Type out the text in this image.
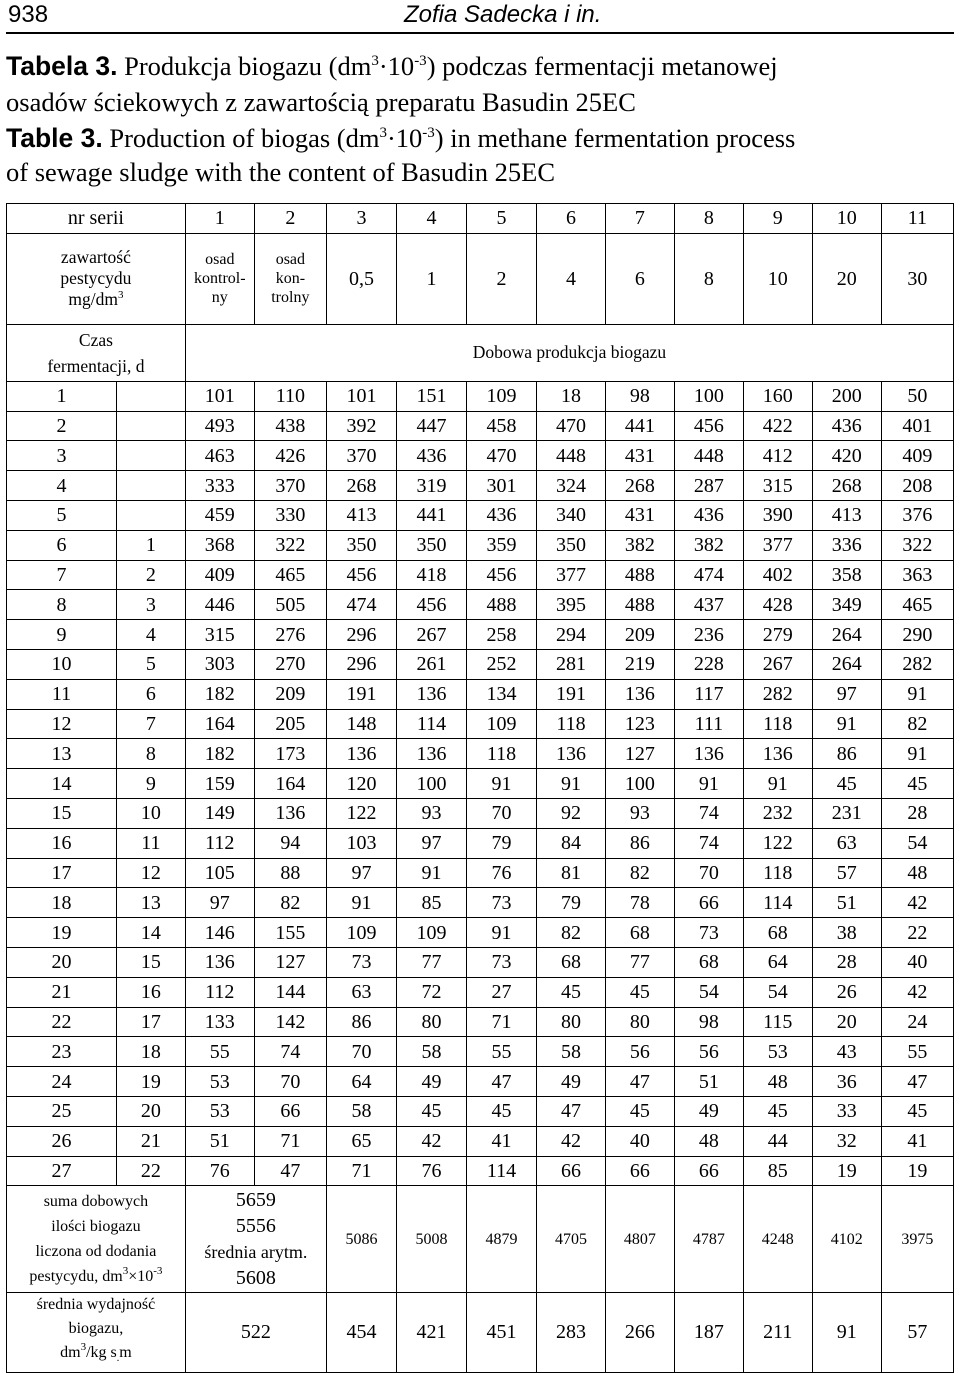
938	Zofia Sadecka i in.
Tabela 3. Produkcja biogazu $(dm^3\cdot 10^{-3})$ podczas fermentacji metanowej
osadów ściekowych z zawartością preparatu Basudin 25EC
Table 3. Production of biogas $(dm^3\cdot 10^{-3})$ in methane fermentation process
of sewage sludge with the content of Basudin 25EC
nr serii		1	2	3	4	5	6	7	8	9	10	11
zawartość
pestycydu
$mg/dm^3$		osad
kontrol-
ny	osad
kon-
trolny	0,5	1	2	4	6	8	10	20	30
Czas
fermentacji, d		Dobowa produkcja biogazu										
1		101	110	101	151	109	18	98	100	160	200	50
2		493	438	392	447	458	470	441	456	422	436	401
3		463	426	370	436	470	448	431	448	412	420	409
4		333	370	268	319	301	324	268	287	315	268	208
5		459	330	413	441	436	340	431	436	390	413	376
6	1	368	322	350	350	359	350	382	382	377	336	322
7	2	409	465	456	418	456	377	488	474	402	358	363
8	3	446	505	474	456	488	395	488	437	428	349	465
9	4	315	276	296	267	258	294	209	236	279	264	290
10	5	303	270	296	261	252	281	219	228	267	264	282
11	6	182	209	191	136	134	191	136	117	282	97	91
12	7	164	205	148	114	109	118	123	111	118	91	82
13	8	182	173	136	136	118	136	127	136	136	86	91
14	9	159	164	120	100	91	91	100	91	91	45	45
15	10	149	136	122	93	70	92	93	74	232	231	28
16	11	112	94	103	97	79	84	86	74	122	63	54
17	12	105	88	97	91	76	81	82	70	118	57	48
18	13	97	82	91	85	73	79	78	66	114	51	42
19	14	146	155	109	109	91	82	68	73	68	38	22
20	15	136	127	73	77	73	68	77	68	64	28	40
21	16	112	144	63	72	27	45	45	54	54	26	42
22	17	133	142	86	80	71	80	80	98	115	20	24
23	18	55	74	70	58	55	58	56	56	53	43	55
24	19	53	70	64	49	47	49	47	51	48	36	47
25	20	53	66	58	45	45	47	45	49	45	33	45
26	21	51	71	65	42	41	42	40	48	44	32	41
27	22	76	47	71	76	114	66	66	66	85	19	19
suma dobowych
ilości biogazu
liczona od dodania
pestycydu, $dm^3\times 10^{-3}$		5659
5556
średnia arytm.
5608		5086	5008	4879	4705	4807	4787	4248	4102	3975
średnia wydajność
biogazu,
$dm^3/kg$ $s_.m$		522		454	421	451	283	266	187	211	91	57
